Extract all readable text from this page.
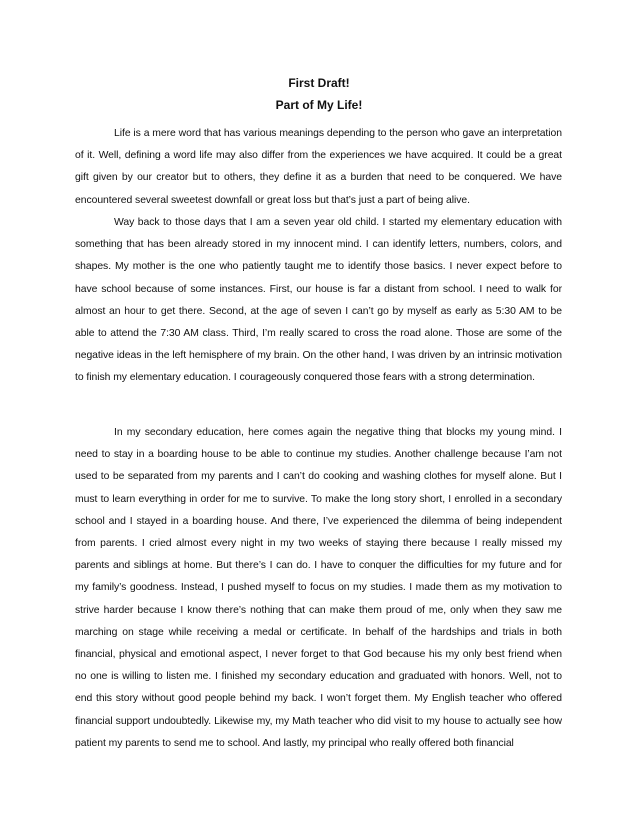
First Draft!
Part of My Life!

Life is a mere word that has various meanings depending to the person who gave an interpretation of it. Well, defining a word life may also differ from the experiences we have acquired. It could be a great gift given by our creator but to others, they define it as a burden that need to be conquered. We have encountered several sweetest downfall or great loss but that’s just a part of being alive.

Way back to those days that I am a seven year old child. I started my elementary education with something that has been already stored in my innocent mind. I can identify letters, numbers, colors, and shapes. My mother is the one who patiently taught me to identify those basics. I never expect before to have school because of some instances. First, our house is far a distant from school. I need to walk for almost an hour to get there. Second, at the age of seven I can’t go by myself as early as 5:30 AM to be able to attend the 7:30 AM class. Third, I’m really scared to cross the road alone. Those are some of the negative ideas in the left hemisphere of my brain. On the other hand, I was driven by an intrinsic motivation to finish my elementary education. I courageously conquered those fears with a strong determination.

In my secondary education, here comes again the negative thing that blocks my young mind. I need to stay in a boarding house to be able to continue my studies. Another challenge because I’am not used to be separated from my parents and I can’t do cooking and washing clothes for myself alone. But I must to learn everything in order for me to survive. To make the long story short, I enrolled in a secondary school and I stayed in a boarding house. And there, I’ve experienced the dilemma of being independent from parents. I cried almost every night in my two weeks of staying there because I really missed my parents and siblings at home. But there’s I can do. I have to conquer the difficulties for my future and for my family’s goodness. Instead, I pushed myself to focus on my studies. I made them as my motivation to strive harder because I know there’s nothing that can make them proud of me, only when they saw me marching on stage while receiving a medal or certificate. In behalf of the hardships and trials in both financial, physical and emotional aspect, I never forget to that God because his my only best friend when no one is willing to listen me. I finished my secondary education and graduated with honors. Well, not to end this story without good people behind my back. I won’t forget them. My English teacher who offered financial support undoubtedly. Likewise my, my Math teacher who did visit to my house to actually see how patient my parents to send me to school. And lastly, my principal who really offered both financial
